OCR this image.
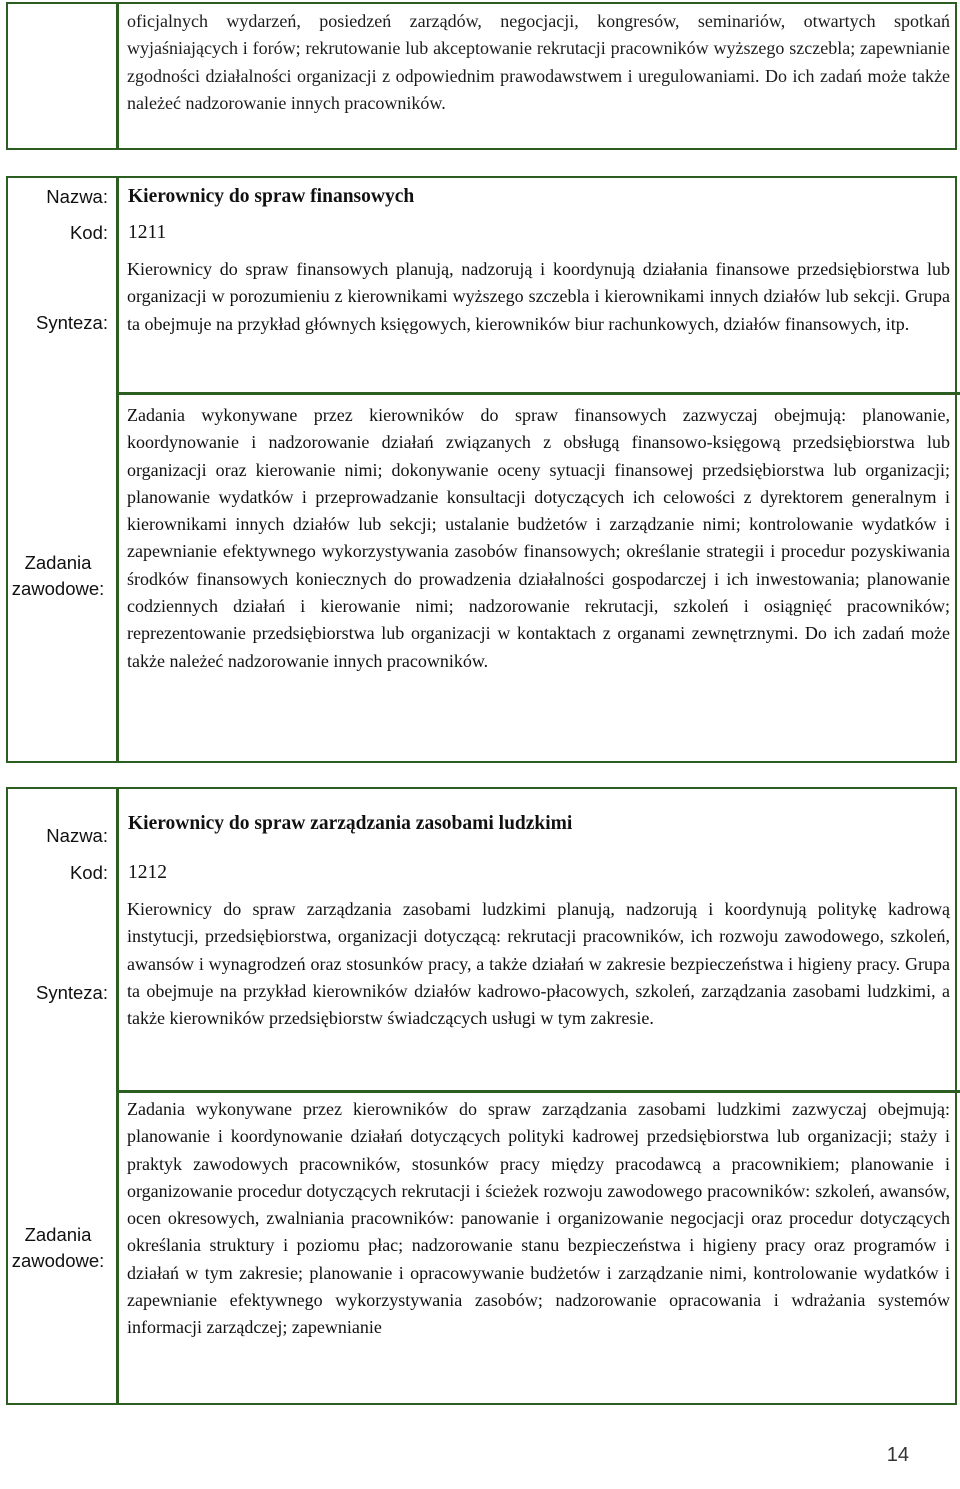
oficjalnych wydarzeń, posiedzeń zarządów, negocjacji, kongresów, seminariów, otwartych spotkań wyjaśniających i forów; rekrutowanie lub akceptowanie rekrutacji pracowników wyższego szczebla; zapewnianie zgodności działalności organizacji z odpowiednim prawodawstwem i uregulowaniami. Do ich zadań może także należeć nadzorowanie innych pracowników.
Nazwa: Kierownicy do spraw finansowych
Kod: 1211
Synteza:
Kierownicy do spraw finansowych planują, nadzorują i koordynują działania finansowe przedsiębiorstwa lub organizacji w porozumieniu z kierownikami wyższego szczebla i kierownikami innych działów lub sekcji. Grupa ta obejmuje na przykład głównych księgowych, kierowników biur rachunkowych, działów finansowych, itp.
Zadania
zawodowe:
Zadania wykonywane przez kierowników do spraw finansowych zazwyczaj obejmują: planowanie, koordynowanie i nadzorowanie działań związanych z obsługą finansowo-księgową przedsiębiorstwa lub organizacji oraz kierowanie nimi; dokonywanie oceny sytuacji finansowej przedsiębiorstwa lub organizacji; planowanie wydatków i przeprowadzanie konsultacji dotyczących ich celowości z dyrektorem generalnym i kierownikami innych działów lub sekcji; ustalanie budżetów i zarządzanie nimi; kontrolowanie wydatków i zapewnianie efektywnego wykorzystywania zasobów finansowych; określanie strategii i procedur pozyskiwania środków finansowych koniecznych do prowadzenia działalności gospodarczej i ich inwestowania; planowanie codziennych działań i kierowanie nimi; nadzorowanie rekrutacji, szkoleń i osiągnięć pracowników; reprezentowanie przedsiębiorstwa lub organizacji w kontaktach z organami zewnętrznymi. Do ich zadań może także należeć nadzorowanie innych pracowników.
Nazwa:
Kierownicy do spraw zarządzania zasobami ludzkimi
Kod: 1212
Synteza:
Kierownicy do spraw zarządzania zasobami ludzkimi planują, nadzorują i koordynują politykę kadrową instytucji, przedsiębiorstwa, organizacji dotyczącą: rekrutacji pracowników, ich rozwoju zawodowego, szkoleń, awansów i wynagrodzeń oraz stosunków pracy, a także działań w zakresie bezpieczeństwa i higieny pracy. Grupa ta obejmuje na przykład kierowników działów kadrowo-płacowych, szkoleń, zarządzania zasobami ludzkimi, a także kierowników przedsiębiorstw świadczących usługi w tym zakresie.
Zadania
zawodowe:
Zadania wykonywane przez kierowników do spraw zarządzania zasobami ludzkimi zazwyczaj obejmują: planowanie i koordynowanie działań dotyczących polityki kadrowej przedsiębiorstwa lub organizacji; staży i praktyk zawodowych pracowników, stosunków pracy między pracodawcą a pracownikiem; planowanie i organizowanie procedur dotyczących rekrutacji i ścieżek rozwoju zawodowego pracowników: szkoleń, awansów, ocen okresowych, zwalniania pracowników: panowanie i organizowanie negocjacji oraz procedur dotyczących określania struktury i poziomu płac; nadzorowanie stanu bezpieczeństwa i higieny pracy oraz programów i działań w tym zakresie; planowanie i opracowywanie budżetów i zarządzanie nimi, kontrolowanie wydatków i zapewnianie efektywnego wykorzystywania zasobów; nadzorowanie opracowania i wdrażania systemów informacji zarządczej; zapewnianie
14
